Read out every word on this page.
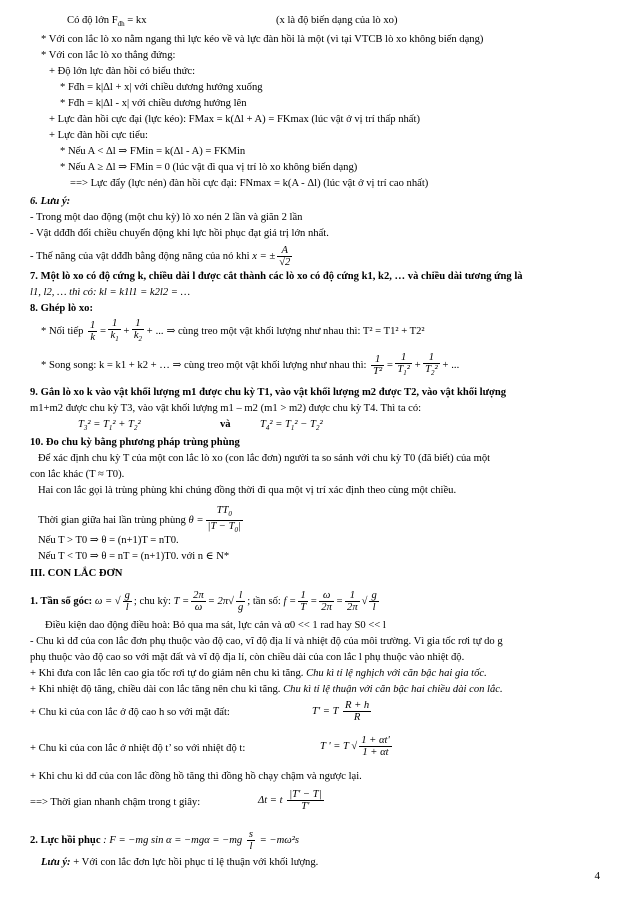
Có độ lớn $F_{đh}$ = kx	(x là độ biến dạng của lò xo)
* Với con lắc lò xo nằm ngang thì lực kéo về và lực đàn hồi là một (vì tại VTCB lò xo không biến dạng)
* Với con lắc lò xo thẳng đứng:
+ Độ lớn lực đàn hồi có biểu thức:
* Fđh = k|Δl + x| với chiều dương hướng xuống
* Fđh = k|Δl - x| với chiều dương hướng lên
+ Lực đàn hồi cực đại (lực kéo): FMax = k(Δl + A) = FKmax (lúc vật ở vị trí thấp nhất)
+ Lực đàn hồi cực tiểu:
* Nếu A < Δl ⇒ FMin = k(Δl - A) = FKMin
* Nếu A ≥ Δl ⇒ FMin = 0 (lúc vật đi qua vị trí lò xo không biến dạng)
==> Lực đẩy (lực nén) đàn hồi cực đại: FNmax = k(A - Δl) (lúc vật ở vị trí cao nhất)
6. Lưu ý:
- Trong một dao động (một chu kỳ) lò xo nén 2 lần và giãn 2 lần
- Vật dđđh đổi chiều chuyển động khi lực hồi phục đạt giá trị lớn nhất.
- Thế năng của vật dđđh bằng động năng của nó khi x = ± $\frac{A}{√2}$
7. Một lò xo có độ cứng k, chiều dài l được cắt thành các lò xo có độ cứng k1, k2, … và chiều dài tương ứng là
l1, l2, … thì có: kl = k1l1 = k2l2 = …
8. Ghép lò xo:
* Nối tiếp $\frac{1}{k} = \frac{1}{k_1} + \frac{1}{k_2}$ + ... ⇒ cùng treo một vật khối lượng như nhau thì: T² = T1² + T2²
* Song song: k = k1 + k2 + … ⇒ cùng treo một vật khối lượng như nhau thì: $\frac{1}{\text{T²}} = \frac{1}{T_1^2} + \frac{1}{T_2^2}$ + ...
9. Gắn lò xo k vào vật khối lượng m1 được chu kỳ T1, vào vật khối lượng m2 được T2, vào vật khối lượng
m1+m2 được chu kỳ T3, vào vật khối lượng m1 – m2 (m1 > m2) được chu kỳ T4. Thì ta có:
$T_3^2 = T_1^2 + T_2^2$	và	$T_4^2 = T_1^2 - T_2^2$
10. Đo chu kỳ bằng phương pháp trùng phùng
Để xác định chu kỳ T của một con lắc lò xo (con lắc đơn) người ta so sánh với chu kỳ T0 (đã biết) của một
con lắc khác (T ≈ T0).
Hai con lắc gọi là trùng phùng khi chúng đồng thời đi qua một vị trí xác định theo cùng một chiều.
Thời gian giữa hai lần trùng phùng $\theta = \frac{TT_0}{|T - T_0|}$
Nếu T > T0 ⇒ θ = (n+1)T = nT0.
Nếu T < T0 ⇒ θ = nT = (n+1)T0. với n ∈ N*
III. CON LẮC ĐƠN
1. Tần số góc: ω = √ $\frac{g}{l}$ ; chu kỳ: $T = \frac{2\pi}{\omega} = 2\pi√ \frac{l}{g}$ ; tần số: $f = \frac{1}{T} = \frac{\omega}{2\pi} = \frac{1}{2\pi}$ √ $\frac{g}{l}$
Điều kiện dao động điều hoà: Bỏ qua ma sát, lực cản và α0 << 1 rad hay S0 << l
- Chu kì dđ của con lắc đơn phụ thuộc vào độ cao, vĩ độ địa lí và nhiệt độ của môi trường. Vì gia tốc rơi tự do g
phụ thuộc vào độ cao so với mặt đất và vĩ độ địa lí, còn chiều dài của con lắc l phụ thuộc vào nhiệt độ.
+ Khi đưa con lắc lên cao gia tốc rơi tự do giảm nên chu kì tăng. Chu kì tỉ lệ nghịch với căn bậc hai gia tốc.
+ Khi nhiệt độ tăng, chiều dài con lắc tăng nên chu kì tăng. Chu kì tỉ lệ thuận với căn bậc hai chiều dài con lắc.
+ Chu kì của con lắc ở độ cao h so với mặt đất:	T' = T $\frac{R + h}{R}$
+ Chu kì của con lắc ở nhiệt độ t’ so với nhiệt độ t:	T ' = T √ $\frac{1 + \alpha t'}{1 + \alpha t}$
+ Khi chu kì dđ của con lắc đồng hồ tăng thì đồng hồ chạy chậm và ngược lại.
==> Thời gian nhanh chậm trong t giây:	Δt = t $\frac{|T' - T|}{T'}$
2. Lực hồi phục : F = −mg $\sin \alpha = -mg\alpha = -mg \frac{s}{l} = -m\omega^2s$
Lưu ý: + Với con lắc đơn lực hồi phục tỉ lệ thuận với khối lượng.
4
